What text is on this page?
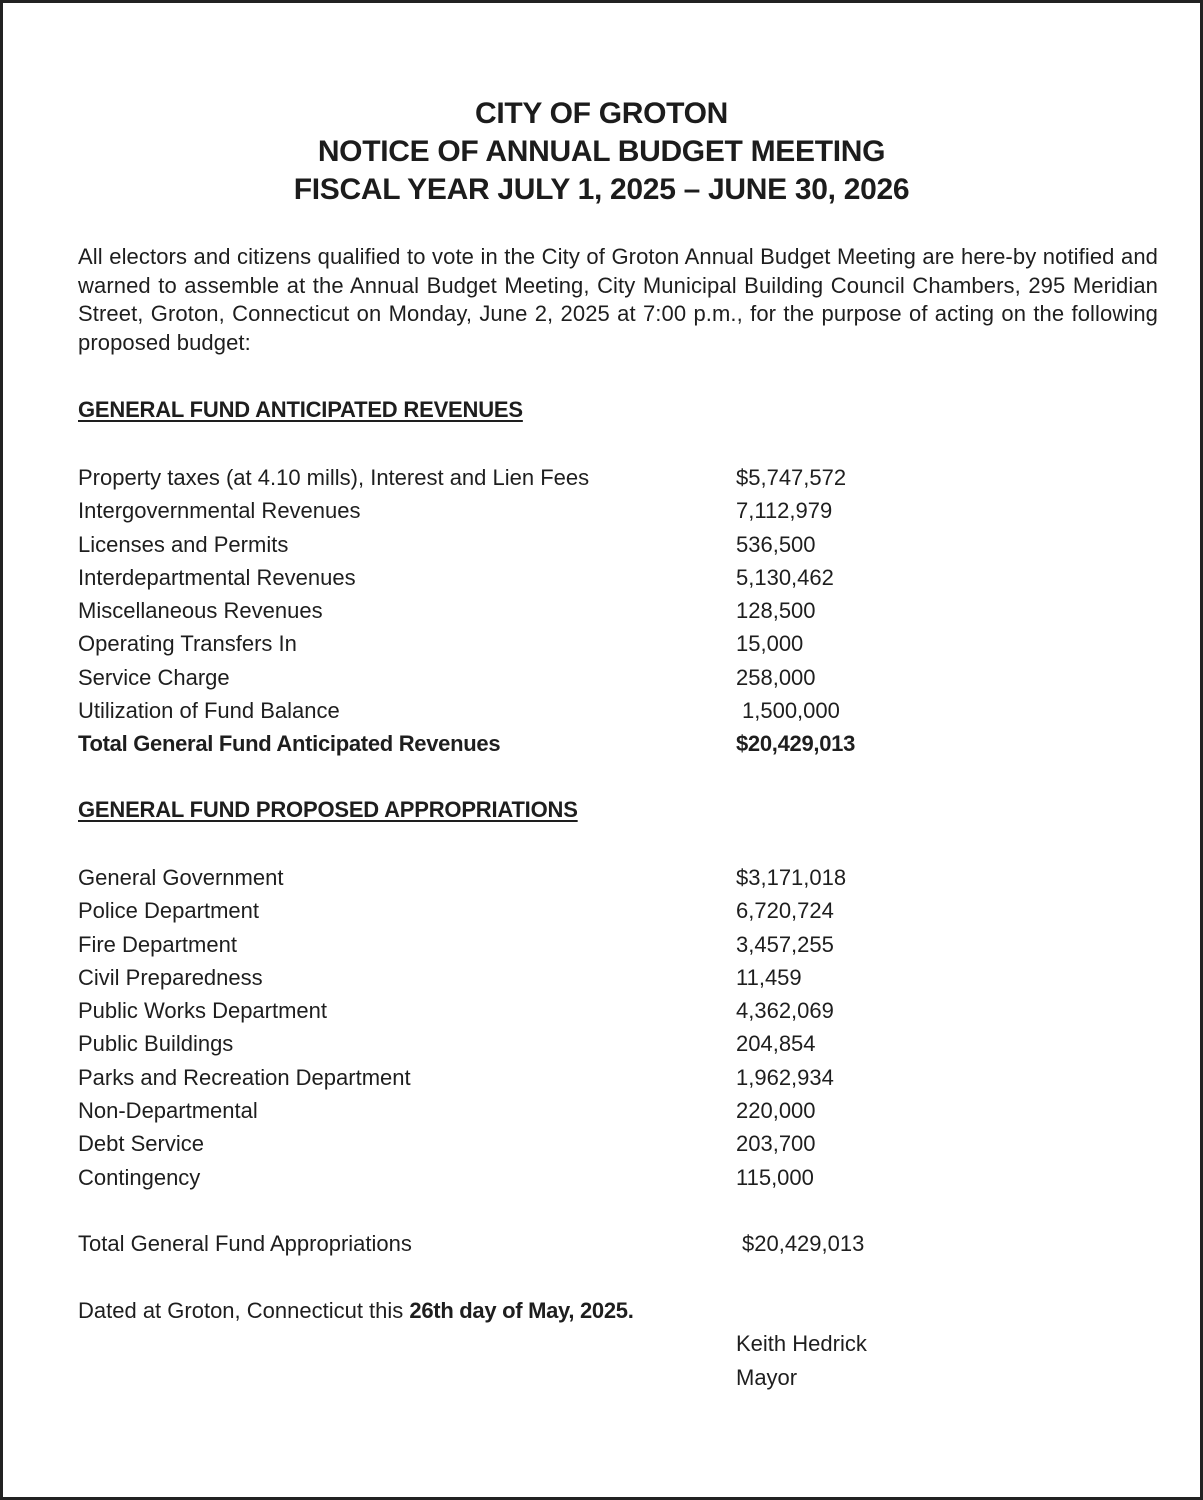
CITY OF GROTON
NOTICE OF ANNUAL BUDGET MEETING
FISCAL YEAR JULY 1, 2025 – JUNE 30, 2026
All electors and citizens qualified to vote in the City of Groton Annual Budget Meeting are here-by notified and warned to assemble at the Annual Budget Meeting, City Municipal Building Council Chambers, 295 Meridian Street, Groton, Connecticut on Monday, June 2, 2025 at 7:00 p.m., for the purpose of acting on the following proposed budget:
GENERAL FUND ANTICIPATED REVENUES
Property taxes (at 4.10 mills), Interest and Lien Fees	$5,747,572
Intergovernmental Revenues	7,112,979
Licenses and Permits	536,500
Interdepartmental Revenues	5,130,462
Miscellaneous Revenues	128,500
Operating Transfers In	15,000
Service Charge	258,000
Utilization of Fund Balance	1,500,000
Total General Fund Anticipated Revenues	$20,429,013
GENERAL FUND PROPOSED APPROPRIATIONS
General Government	$3,171,018
Police Department	6,720,724
Fire Department	3,457,255
Civil Preparedness	11,459
Public Works Department	4,362,069
Public Buildings	204,854
Parks and Recreation Department	1,962,934
Non-Departmental	220,000
Debt Service	203,700
Contingency	115,000
Total General Fund Appropriations	$20,429,013
Dated at Groton, Connecticut this 26th day of May, 2025.
Keith Hedrick
Mayor
